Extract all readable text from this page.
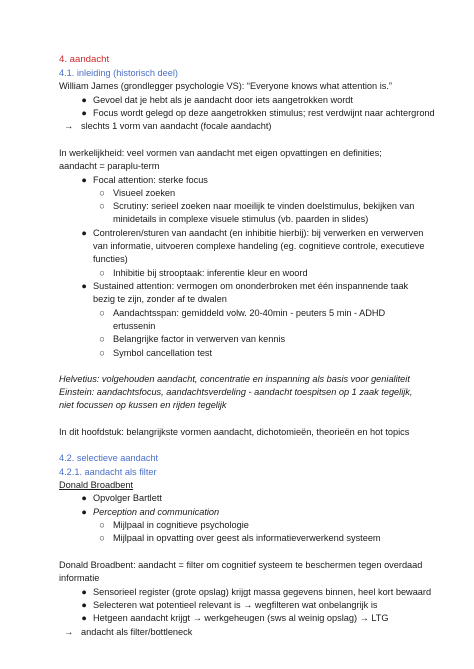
4. aandacht
4.1. inleiding (historisch deel)
William James (grondlegger psychologie VS): “Everyone knows what attention is.”
● Gevoel dat je hebt als je aandacht door iets aangetrokken wordt
● Focus wordt gelegd op deze aangetrokken stimulus; rest verdwijnt naar achtergrond
→ slechts 1 vorm van aandacht (focale aandacht)
In werkelijkheid: veel vormen van aandacht met eigen opvattingen en definities;
aandacht = paraplu-term
● Focal attention: sterke focus
○ Visueel zoeken
○ Scrutiny: serieel zoeken naar moeilijk te vinden doelstimulus, bekijken van
minidetails in complexe visuele stimulus (vb. paarden in slides)
● Controleren/sturen van aandacht (en inhibitie hierbij): bij verwerken en verwerven
van informatie, uitvoeren complexe handeling (eg. cognitieve controle, executieve
functies)
○ Inhibitie bij strooptaak: inferentie kleur en woord
● Sustained attention: vermogen om ononderbroken met één inspannende taak
bezig te zijn, zonder af te dwalen
○ Aandachtsspan: gemiddeld volw. 20-40min - peuters 5 min - ADHD
ertussenin
○ Belangrijke factor in verwerven van kennis
○ Symbol cancellation test
Helvetius: volgehouden aandacht, concentratie en inspanning als basis voor genialiteit
Einstein: aandachtsfocus, aandachtsverdeling - aandacht toespitsen op 1 zaak tegelijk,
niet focussen op kussen en rijden tegelijk
In dit hoofdstuk: belangrijkste vormen aandacht, dichotomieën, theorieën en hot topics
4.2. selectieve aandacht
4.2.1. aandacht als filter
Donald Broadbent
● Opvolger Bartlett
● Perception and communication
○ Mijlpaal in cognitieve psychologie
○ Mijlpaal in opvatting over geest als informatieverwerkend systeem
Donald Broadbent: aandacht = filter om cognitief systeem te beschermen tegen overdaad
informatie
● Sensorieel register (grote opslag) krijgt massa gegevens binnen, heel kort bewaard
● Selecteren wat potentieel relevant is → wegfilteren wat onbelangrijk is
● Hetgeen aandacht krijgt → werkgeheugen (sws al weinig opslag) → LTG
→ andacht als filter/bottleneck
